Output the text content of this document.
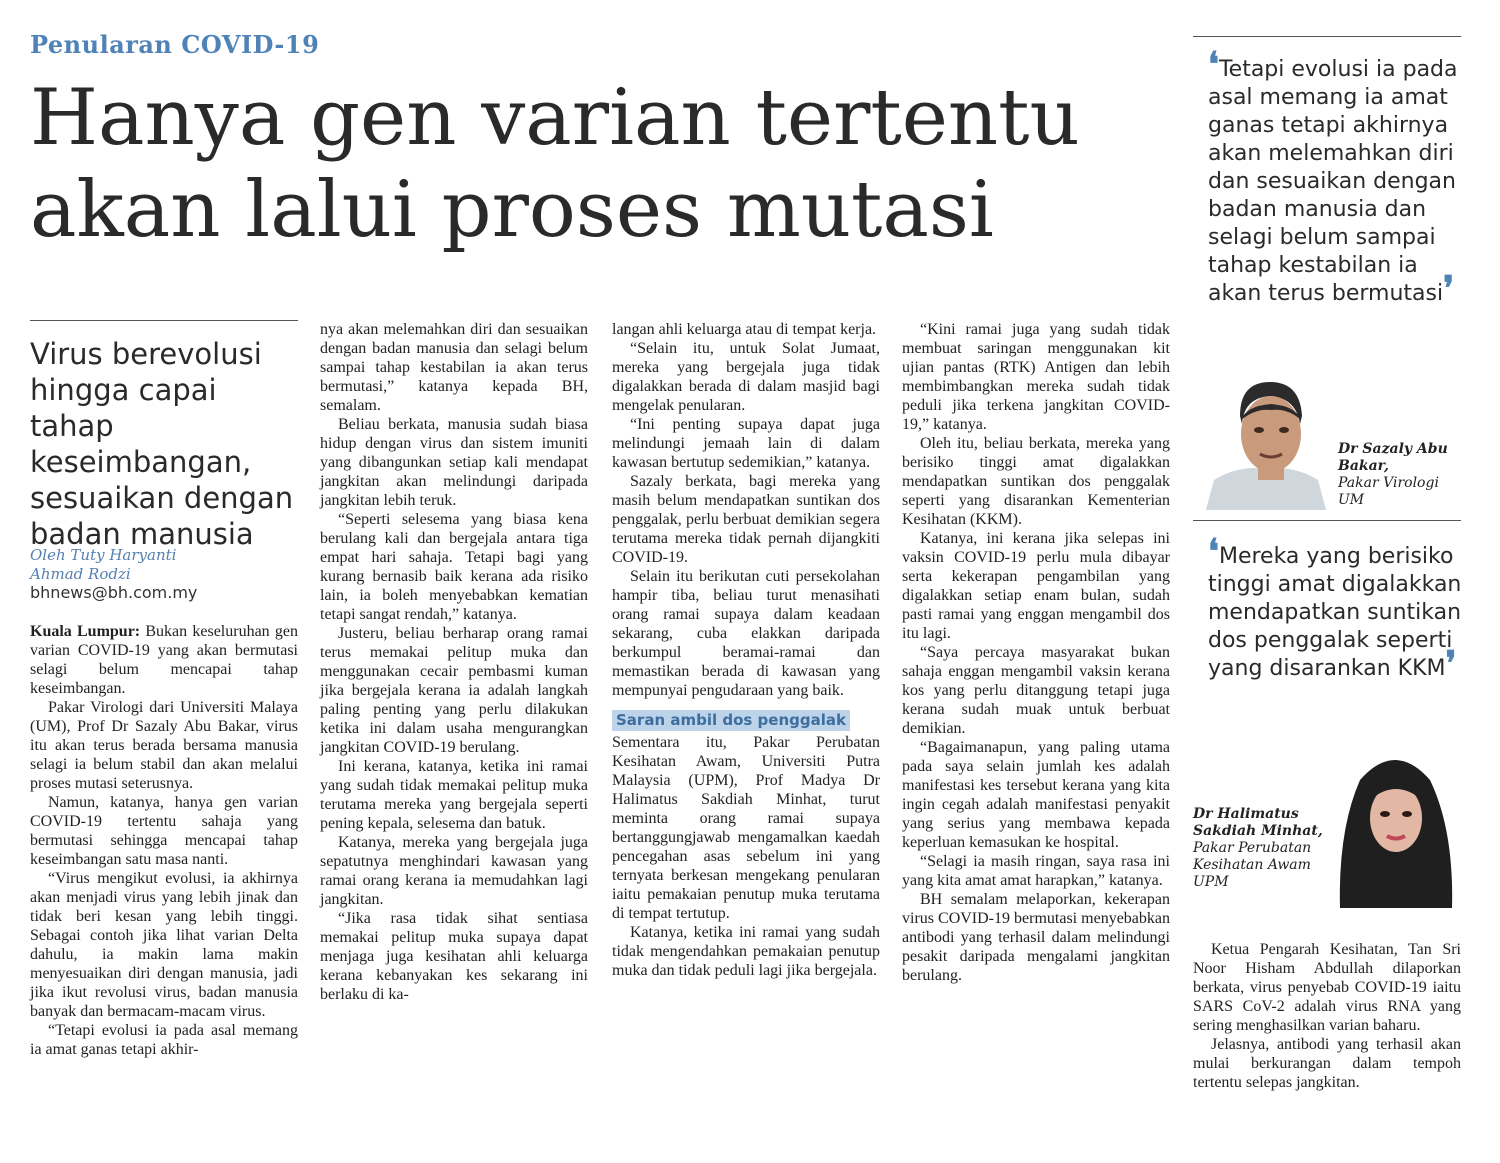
Penularan COVID-19
Hanya gen varian tertentu
akan lalui proses mutasi
Virus berevolusi hingga capai tahap keseimbangan, sesuaikan dengan badan manusia
Oleh Tuty Haryanti
Ahmad Rodzi
bhnews@bh.com.my

Kuala Lumpur: Bukan keseluruhan gen varian COVID-19 yang akan bermutasi selagi belum mencapai tahap keseimbangan.

Pakar Virologi dari Universiti Malaya (UM), Prof Dr Sazaly Abu Bakar, virus itu akan terus berada bersama manusia selagi ia belum stabil dan akan melalui proses mutasi seterusnya.

Namun, katanya, hanya gen varian COVID-19 tertentu sahaja yang bermutasi sehingga mencapai tahap keseimbangan satu masa nanti.

“Virus mengikut evolusi, ia akhirnya akan menjadi virus yang lebih jinak dan tidak beri kesan yang lebih tinggi. Sebagai contoh jika lihat varian Delta dahulu, ia makin lama makin menyesuaikan diri dengan manusia, jadi jika ikut revolusi virus, badan manusia banyak dan bermacam-macam virus.

“Tetapi evolusi ia pada asal memang ia amat ganas tetapi akhir-

nya akan melemahkan diri dan sesuaikan dengan badan manusia dan selagi belum sampai tahap kestabilan ia akan terus bermutasi,” katanya kepada BH, semalam.

Beliau berkata, manusia sudah biasa hidup dengan virus dan sistem imuniti yang dibangunkan setiap kali mendapat jangkitan akan melindungi daripada jangkitan lebih teruk.

“Seperti selesema yang biasa kena berulang kali dan bergejala antara tiga empat hari sahaja. Tetapi bagi yang kurang bernasib baik kerana ada risiko lain, ia boleh menyebabkan kematian tetapi sangat rendah,” katanya.

Justeru, beliau berharap orang ramai terus memakai pelitup muka dan menggunakan cecair pembasmi kuman jika bergejala kerana ia adalah langkah paling penting yang perlu dilakukan ketika ini dalam usaha mengurangkan jangkitan COVID-19 berulang.

Ini kerana, katanya, ketika ini ramai yang sudah tidak memakai pelitup muka terutama mereka yang bergejala seperti pening kepala, selesema dan batuk.

Katanya, mereka yang bergejala juga sepatutnya menghindari kawasan yang ramai orang kerana ia memudahkan lagi jangkitan.

“Jika rasa tidak sihat sentiasa memakai pelitup muka supaya dapat menjaga juga kesihatan ahli keluarga kerana kebanyakan kes sekarang ini berlaku di ka-

langan ahli keluarga atau di tempat kerja.

“Selain itu, untuk Solat Jumaat, mereka yang bergejala juga tidak digalakkan berada di dalam masjid bagi mengelak penularan.

“Ini penting supaya dapat juga melindungi jemaah lain di dalam kawasan bertutup sedemikian,” katanya.

Sazaly berkata, bagi mereka yang masih belum mendapatkan suntikan dos penggalak, perlu berbuat demikian segera terutama mereka tidak pernah dijangkiti COVID-19.

Selain itu berikutan cuti persekolahan hampir tiba, beliau turut menasihati orang ramai supaya dalam keadaan sekarang, cuba elakkan daripada berkumpul beramai-ramai dan memastikan berada di kawasan yang mempunyai pengudaraan yang baik.

Saran ambil dos penggalak

Sementara itu, Pakar Perubatan Kesihatan Awam, Universiti Putra Malaysia (UPM), Prof Madya Dr Halimatus Sakdiah Minhat, turut meminta orang ramai supaya bertanggungjawab mengamalkan kaedah pencegahan asas sebelum ini yang ternyata berkesan mengekang penularan iaitu pemakaian penutup muka terutama di tempat tertutup.

Katanya, ketika ini ramai yang sudah tidak mengendahkan pemakaian penutup muka dan tidak peduli lagi jika bergejala.

“Kini ramai juga yang sudah tidak membuat saringan menggunakan kit ujian pantas (RTK) Antigen dan lebih membimbangkan mereka sudah tidak peduli jika terkena jangkitan COVID-19,” katanya.

Oleh itu, beliau berkata, mereka yang berisiko tinggi amat digalakkan mendapatkan suntikan dos penggalak seperti yang disarankan Kementerian Kesihatan (KKM).

Katanya, ini kerana jika selepas ini vaksin COVID-19 perlu mula dibayar serta kekerapan pengambilan yang digalakkan setiap enam bulan, sudah pasti ramai yang enggan mengambil dos itu lagi.

“Saya percaya masyarakat bukan sahaja enggan mengambil vaksin kerana kos yang perlu ditanggung tetapi juga kerana sudah muak untuk berbuat demikian.

“Bagaimanapun, yang paling utama pada saya selain jumlah kes adalah manifestasi kes tersebut kerana yang kita ingin cegah adalah manifestasi penyakit yang serius yang membawa kepada keperluan kemasukan ke hospital.

“Selagi ia masih ringan, saya rasa ini yang kita amat amat harapkan,” katanya.

BH semalam melaporkan, kekerapan virus COVID-19 bermutasi menyebabkan antibodi yang terhasil dalam melindungi pesakit daripada mengalami jangkitan berulang.

Ketua Pengarah Kesihatan, Tan Sri Noor Hisham Abdullah dilaporkan berkata, virus penyebab COVID-19 iaitu SARS CoV-2 adalah virus RNA yang sering menghasilkan varian baharu.

Jelasnya, antibodi yang terhasil akan mulai berkurangan dalam tempoh tertentu selepas jangkitan.

❛Tetapi evolusi ia pada asal memang ia amat ganas tetapi akhirnya akan melemahkan diri dan sesuaikan dengan badan manusia dan selagi belum sampai tahap kestabilan ia akan terus bermutasi❜
Dr Sazaly Abu Bakar,
Pakar Virologi UM
❛Mereka yang berisiko tinggi amat digalakkan mendapatkan suntikan dos penggalak seperti yang disarankan KKM❜
Dr Halimatus Sakdiah Minhat,
Pakar Perubatan Kesihatan Awam UPM
